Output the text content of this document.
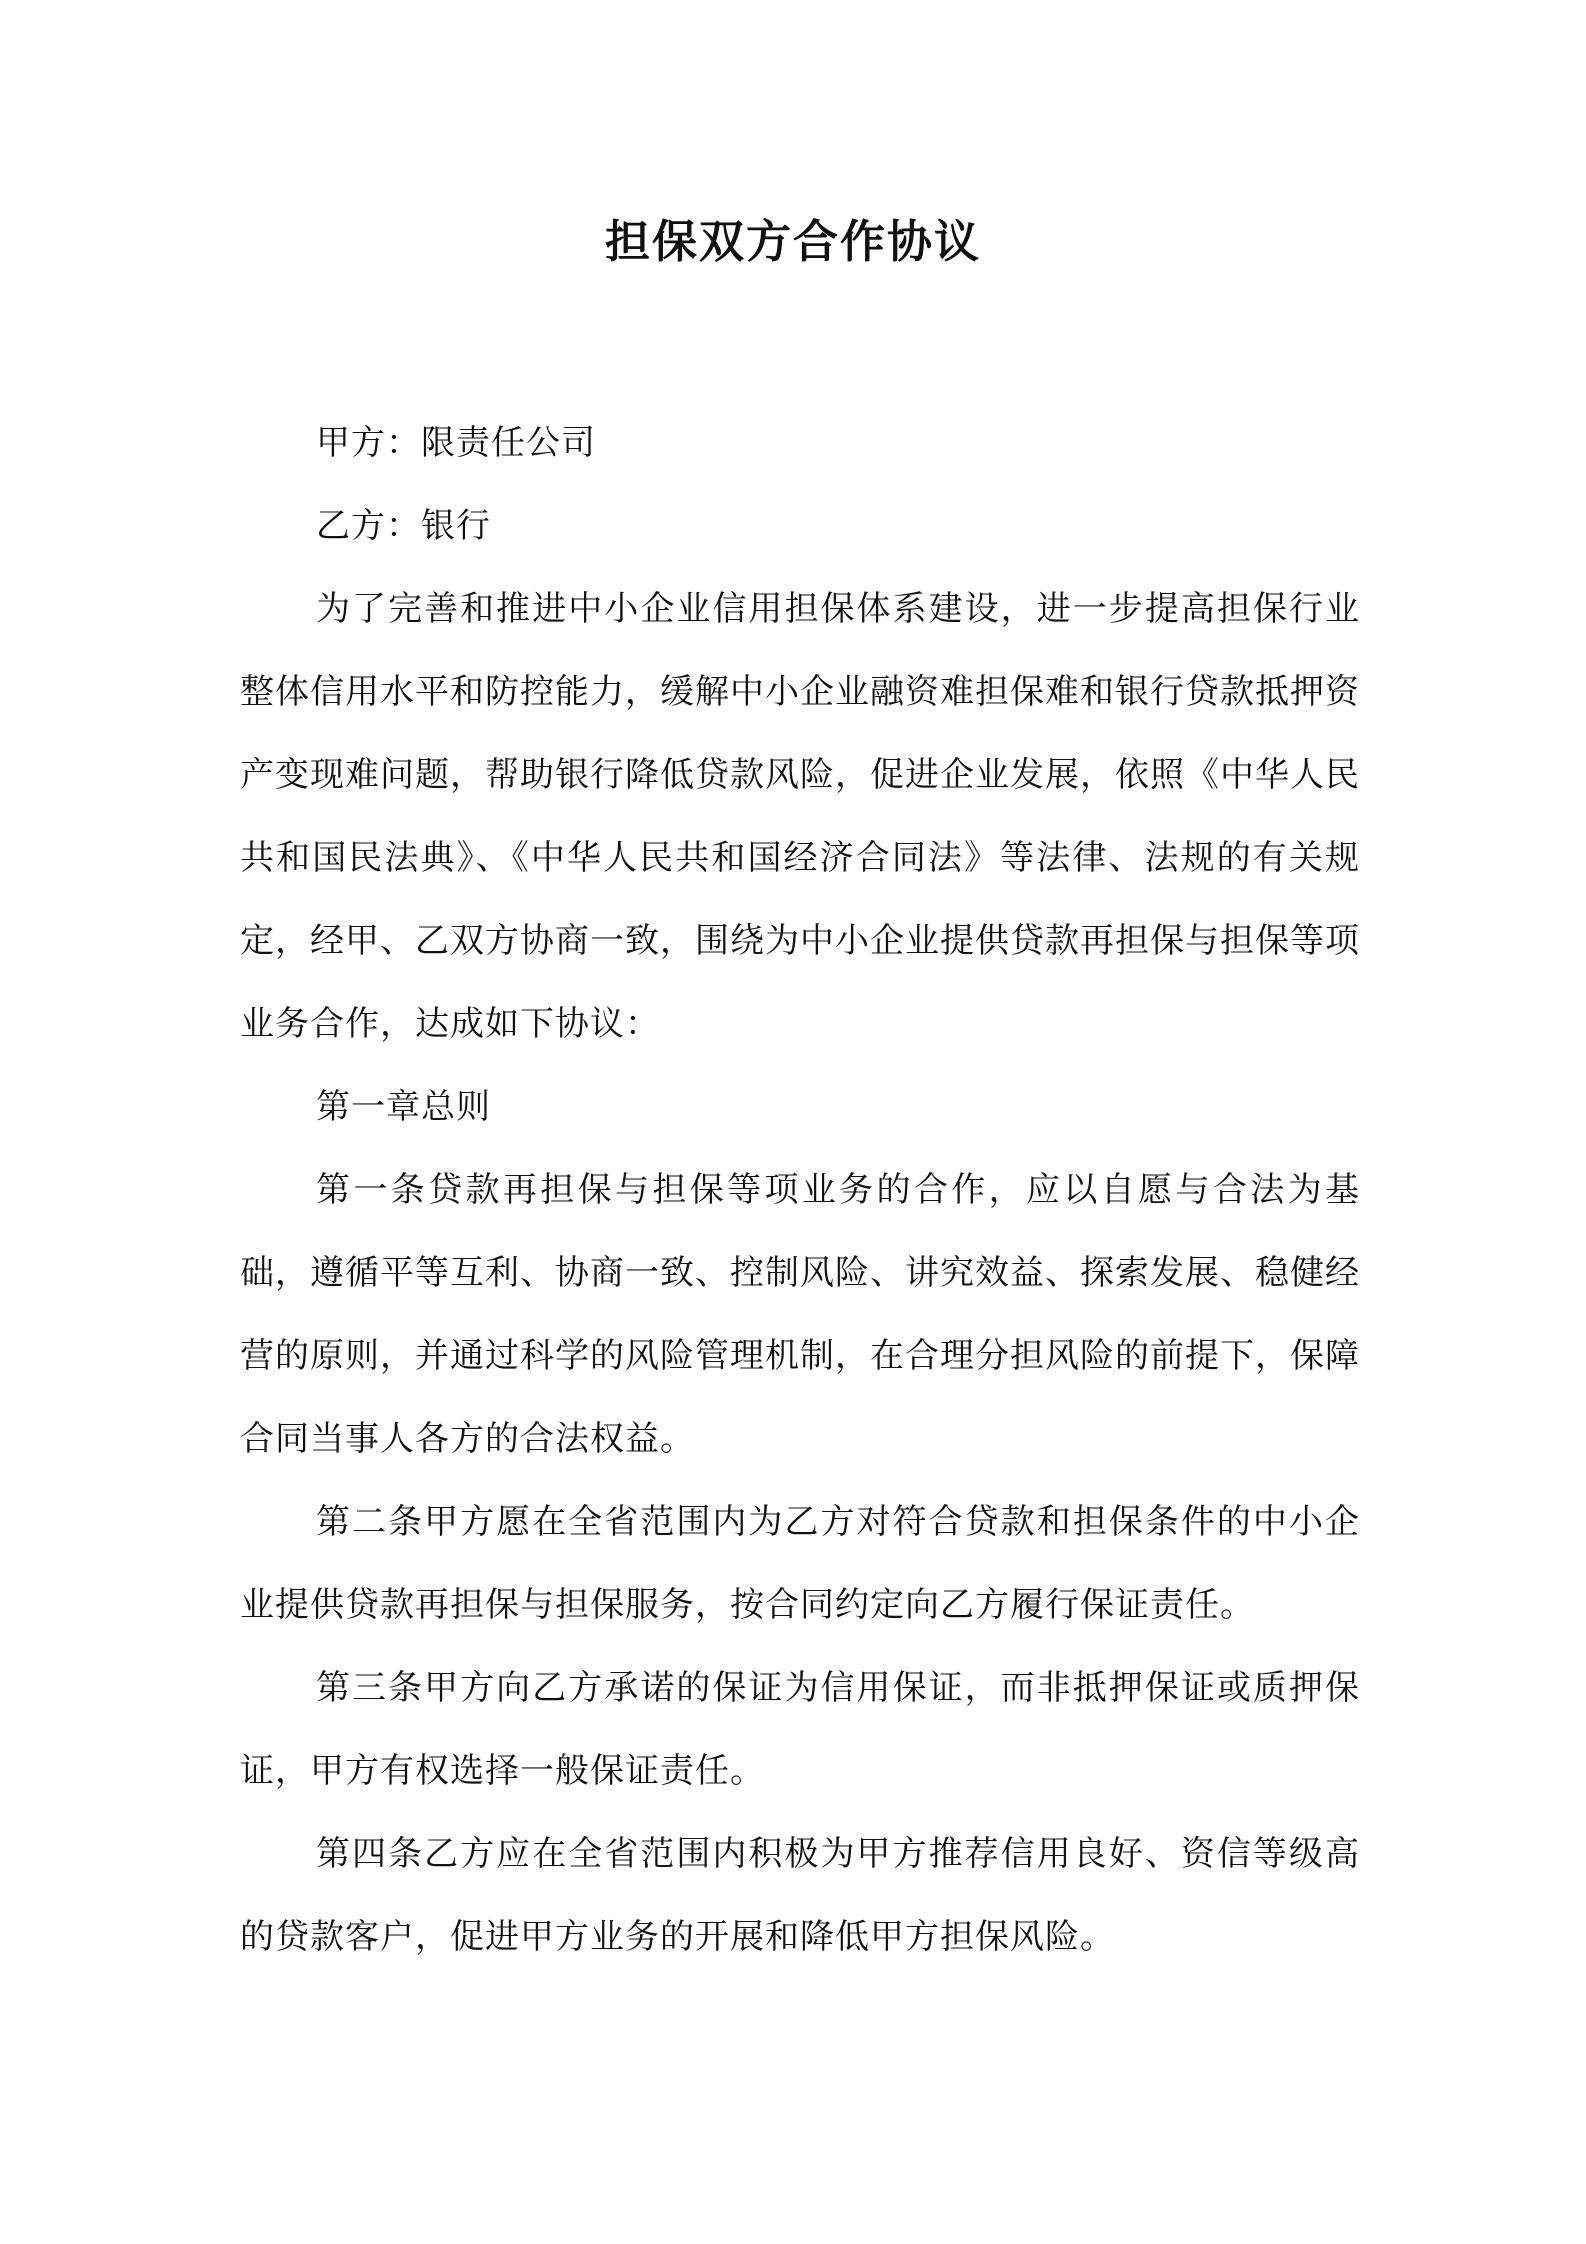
担保双方合作协议

甲方：限责任公司

乙方：银行

为了完善和推进中小企业信用担保体系建设，进一步提高担保行业整体信用水平和防控能力，缓解中小企业融资难担保难和银行贷款抵押资产变现难问题，帮助银行降低贷款风险，促进企业发展，依照《中华人民共和国民法典》、《中华人民共和国经济合同法》等法律、法规的有关规定，经甲、乙双方协商一致，围绕为中小企业提供贷款再担保与担保等项业务合作，达成如下协议：

第一章总则

第一条贷款再担保与担保等项业务的合作，应以自愿与合法为基础，遵循平等互利、协商一致、控制风险、讲究效益、探索发展、稳健经营的原则，并通过科学的风险管理机制，在合理分担风险的前提下，保障合同当事人各方的合法权益。

第二条甲方愿在全省范围内为乙方对符合贷款和担保条件的中小企业提供贷款再担保与担保服务，按合同约定向乙方履行保证责任。

第三条甲方向乙方承诺的保证为信用保证，而非抵押保证或质押保证，甲方有权选择一般保证责任。

第四条乙方应在全省范围内积极为甲方推荐信用良好、资信等级高的贷款客户，促进甲方业务的开展和降低甲方担保风险。
